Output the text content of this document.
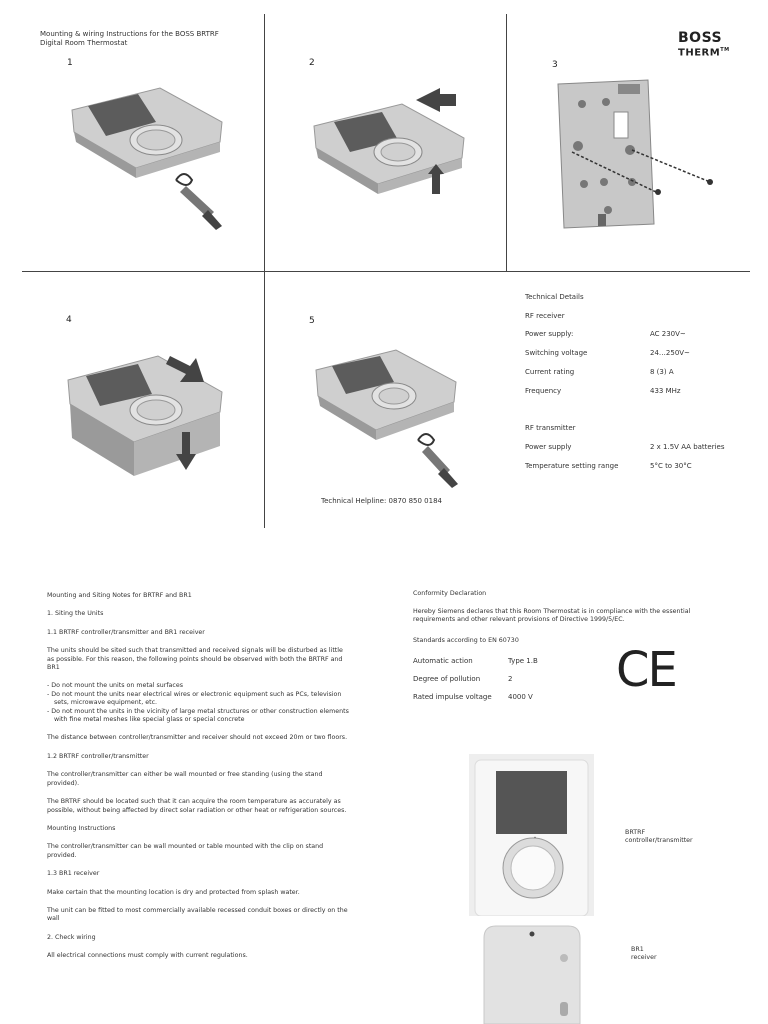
Mounting & wiring Instructions for the BOSS BRTRF
Digital Room Thermostat	BOSS
THERM™
1	2	3
4	5
Technical Helpline: 0870 850 0184
Technical Details
RF receiver
Power supply:	AC 230V~
Switching voltage	24…250V~
Current rating	8 (3) A
Frequency	433 MHz
RF transmitter
Power supply	2 x 1.5V AA batteries
Temperature setting range	5°C to 30°C

Mounting and Siting Notes for BRTRF and BR1

1. Siting the Units

1.1 BRTRF controller/transmitter and BR1 receiver

The units should be sited such that transmitted and received signals will be disturbed as little as possible. For this reason, the following points should be observed with both the BRTRF and BR1

- Do not mount the units on metal surfaces

- Do not mount the units near electrical wires or electronic equipment such as PCs, television sets, microwave equipment, etc.

- Do not mount the units in the vicinity of large metal structures or other construction elements with fine metal meshes like special glass or special concrete

The distance between controller/transmitter and receiver should not exceed 20m or two floors.

1.2 BRTRF controller/transmitter

The controller/transmitter can either be wall mounted or free standing (using the stand provided).

The BRTRF should be located such that it can acquire the room temperature as accurately as possible, without being affected by direct solar radiation or other heat or refrigeration sources.

Mounting Instructions

The controller/transmitter can be wall mounted or table mounted with the clip on stand provided.

1.3 BR1 receiver

Make certain that the mounting location is dry and protected from splash water.

The unit can be fitted to most commercially available recessed conduit boxes or directly on the wall

2. Check wiring

All electrical connections must comply with current regulations.

Conformity Declaration
Hereby Siemens declares that this Room Thermostat is in compliance with the essential requirements and other relevant provisions of Directive 1999/5/EC.
Standards according to EN 60730
Automatic action	Type 1.B
Degree of pollution	2
Rated impulse voltage 4000 V CE
BRTRF
controller/transmitter
BR1
receiver
